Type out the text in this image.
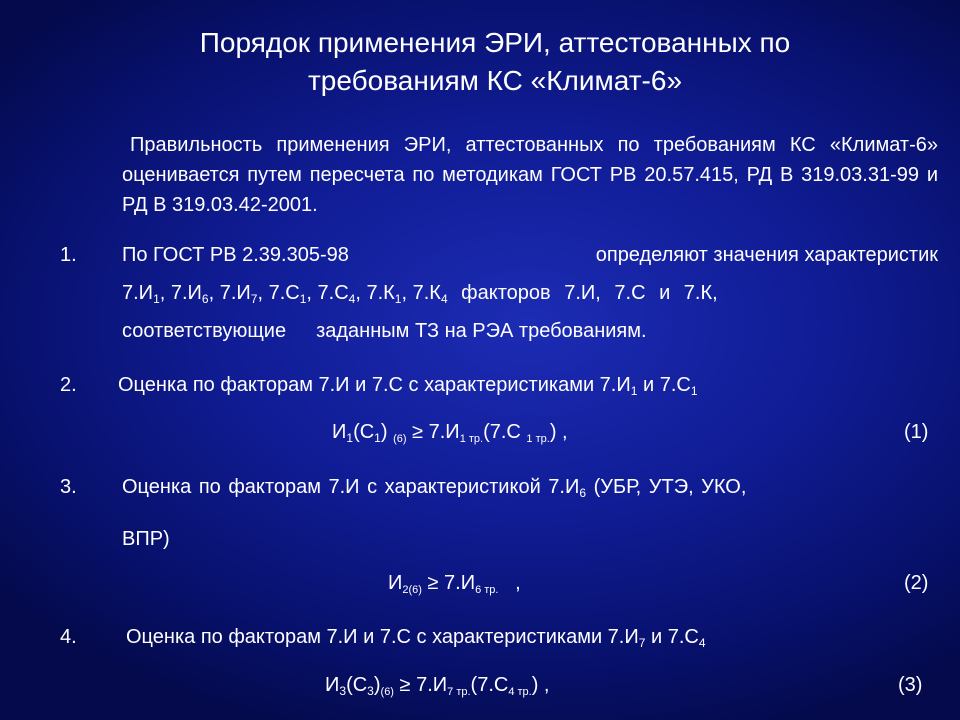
Порядок применения ЭРИ, аттестованных по
требованиям КС «Климат-6»
Правильность применения ЭРИ, аттестованных по требованиям КС «Климат-6» оценивается путем пересчета по методикам ГОСТ РВ 20.57.415, РД В 319.03.31-99 и РД В 319.03.42-2001.
1. По ГОСТ РВ 2.39.305-98	определяют значения характеристик
$7.И_1$, $7.И_6$, $7.И_7$, $7.С_1$, $7.С_4$, $7.К_1$, $7.К_4$ факторов 7.И, 7.С и 7.К,
соответствующие заданным ТЗ на РЭА требованиям.
2. Оценка по факторам 7.И и 7.С с характеристиками $7.И_1$ и $7.С_1$
$И_1(С_1) _{(6)} \ge 7.И_{1 тр.}(7.С$ $_{1 тр.}$) ,	(1)
3. Оценка по факторам 7.И с характеристикой $7.И_6$ (УБР, УТЭ, УКО,
ВПР)
$И_{2(6)} \ge 7.И_{6 тр.}$   ,	(2)
4. Оценка по факторам 7.И и 7.С с характеристиками $7.И_7$ и $7.С_4$
$И_3(С_3)_{(6)} \ge 7.И_{7 тр.}(7.С_{4 тр.})$ ,	(3)
